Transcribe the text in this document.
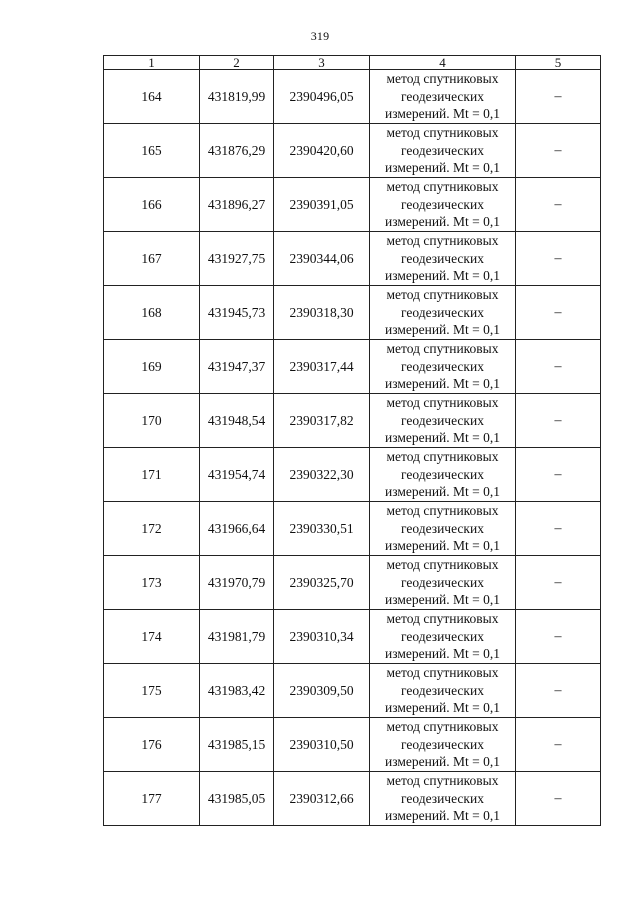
319
1	2	3	4	5
164	431819,99	2390496,05	метод спутниковых
геодезических
измерений. Mt = 0,1	–
165	431876,29	2390420,60	метод спутниковых
геодезических
измерений. Mt = 0,1	–
166	431896,27	2390391,05	метод спутниковых
геодезических
измерений. Mt = 0,1	–
167	431927,75	2390344,06	метод спутниковых
геодезических
измерений. Mt = 0,1	–
168	431945,73	2390318,30	метод спутниковых
геодезических
измерений. Mt = 0,1	–
169	431947,37	2390317,44	метод спутниковых
геодезических
измерений. Mt = 0,1	–
170	431948,54	2390317,82	метод спутниковых
геодезических
измерений. Mt = 0,1	–
171	431954,74	2390322,30	метод спутниковых
геодезических
измерений. Mt = 0,1	–
172	431966,64	2390330,51	метод спутниковых
геодезических
измерений. Mt = 0,1	–
173	431970,79	2390325,70	метод спутниковых
геодезических
измерений. Mt = 0,1	–
174	431981,79	2390310,34	метод спутниковых
геодезических
измерений. Mt = 0,1	–
175	431983,42	2390309,50	метод спутниковых
геодезических
измерений. Mt = 0,1	–
176	431985,15	2390310,50	метод спутниковых
геодезических
измерений. Mt = 0,1	–
177	431985,05	2390312,66	метод спутниковых
геодезических
измерений. Mt = 0,1	–
